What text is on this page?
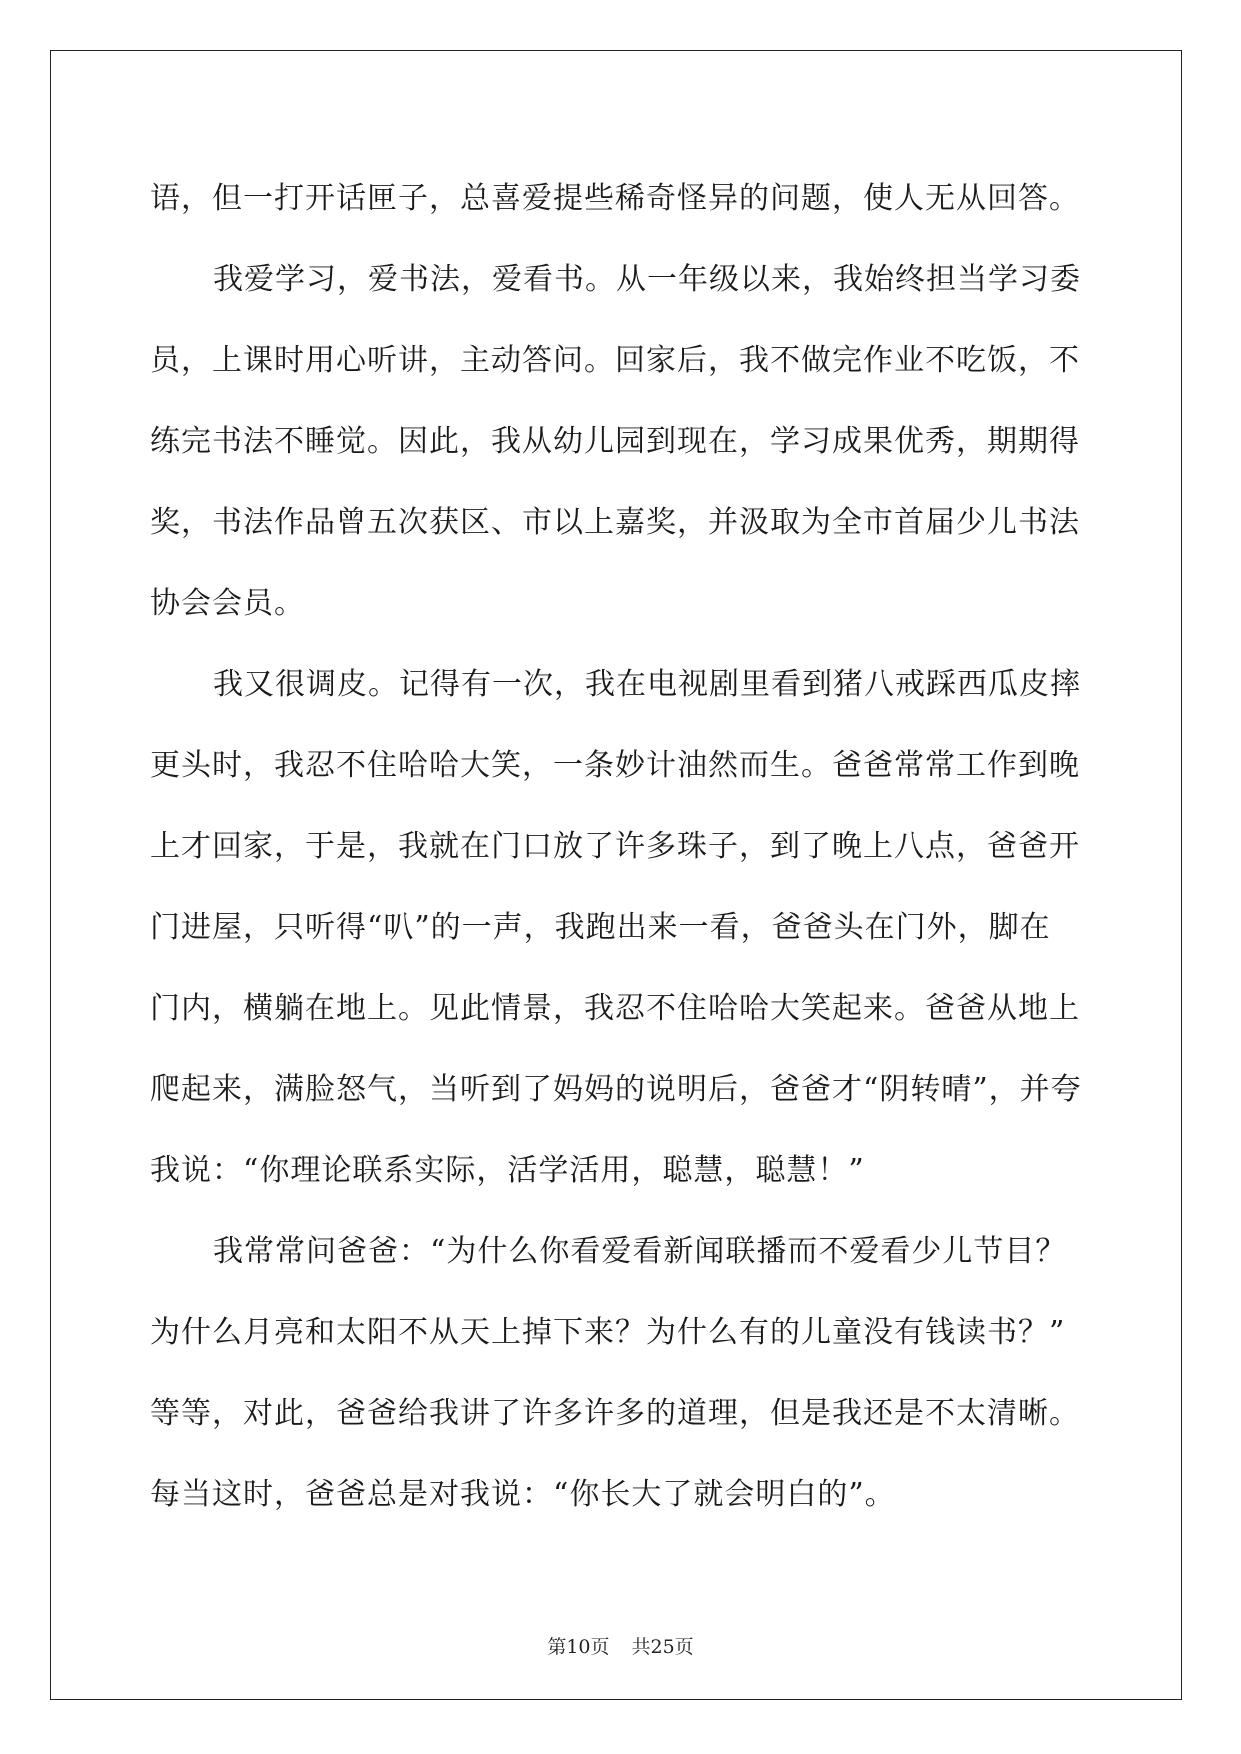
语，但一打开话匣子，总喜爱提些稀奇怪异的问题，使人无从回答。
我爱学习，爱书法，爱看书。从一年级以来，我始终担当学习委
员，上课时用心听讲，主动答问。回家后，我不做完作业不吃饭，不
练完书法不睡觉。因此，我从幼儿园到现在，学习成果优秀，期期得
奖，书法作品曾五次获区、市以上嘉奖，并汲取为全市首届少儿书法
协会会员。
我又很调皮。记得有一次，我在电视剧里看到猪八戒踩西瓜皮摔
更头时，我忍不住哈哈大笑，一条妙计油然而生。爸爸常常工作到晚
上才回家，于是，我就在门口放了许多珠子，到了晚上八点，爸爸开
门进屋，只听得“叭”的一声，我跑出来一看，爸爸头在门外，脚在
门内，横躺在地上。见此情景，我忍不住哈哈大笑起来。爸爸从地上
爬起来，满脸怒气，当听到了妈妈的说明后，爸爸才“阴转晴”，并夸
我说：“你理论联系实际，活学活用，聪慧，聪慧！”
我常常问爸爸：“为什么你看爱看新闻联播而不爱看少儿节目？
为什么月亮和太阳不从天上掉下来？为什么有的儿童没有钱读书？”
等等，对此，爸爸给我讲了许多许多的道理，但是我还是不太清晰。
每当这时，爸爸总是对我说：“你长大了就会明白的”。
第10页 共25页
